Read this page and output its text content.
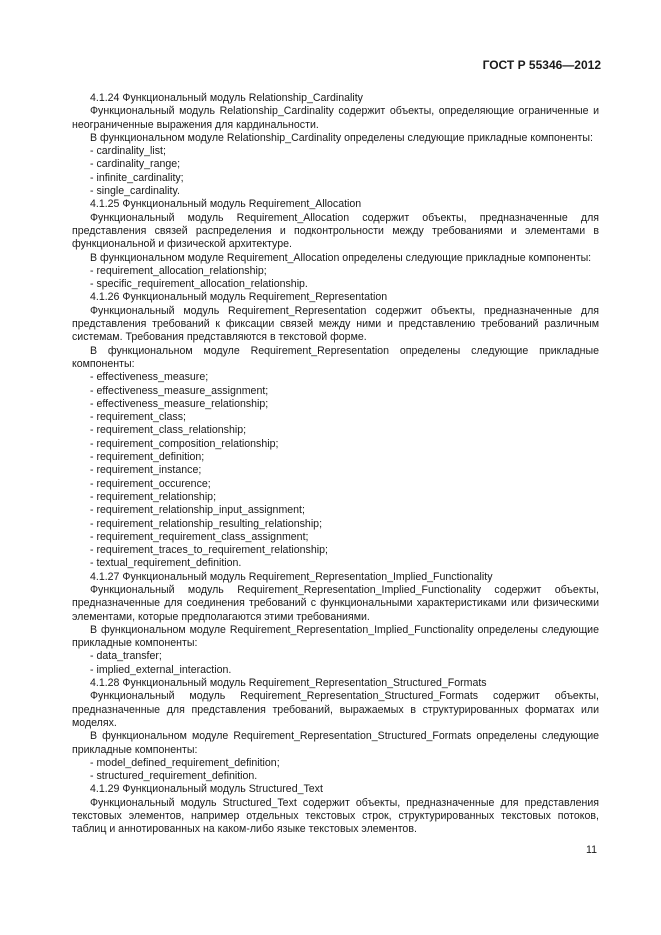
ГОСТ Р 55346—2012

4.1.24 Функциональный модуль Relationship_Cardinality

Функциональный модуль Relationship_Cardinality содержит объекты, определяющие ограниченные и неограниченные выражения для кардинальности.

В функциональном модуле Relationship_Cardinality определены следующие прикладные компоненты:

- cardinality_list;

- cardinality_range;

- infinite_cardinality;

- single_cardinality.

4.1.25 Функциональный модуль Requirement_Allocation

Функциональный модуль Requirement_Allocation содержит объекты, предназначенные для представления связей распределения и подконтрольности между требованиями и элементами в функциональной и физической архитектуре.

В функциональном модуле Requirement_Allocation определены следующие прикладные компоненты:

- requirement_allocation_relationship;

- specific_requirement_allocation_relationship.

4.1.26 Функциональный модуль Requirement_Representation

Функциональный модуль Requirement_Representation содержит объекты, предназначенные для представления требований к фиксации связей между ними и представлению требований различным системам. Требования представляются в текстовой форме.

В функциональном модуле Requirement_Representation определены следующие прикладные компоненты:

- effectiveness_measure;

- effectiveness_measure_assignment;

- effectiveness_measure_relationship;

- requirement_class;

- requirement_class_relationship;

- requirement_composition_relationship;

- requirement_definition;

- requirement_instance;

- requirement_occurence;

- requirement_relationship;

- requirement_relationship_input_assignment;

- requirement_relationship_resulting_relationship;

- requirement_requirement_class_assignment;

- requirement_traces_to_requirement_relationship;

- textual_requirement_definition.

4.1.27 Функциональный модуль Requirement_Representation_Implied_Functionality

Функциональный модуль Requirement_Representation_Implied_Functionality содержит объекты, предназначенные для соединения требований с функциональными характеристиками или физическими элементами, которые предполагаются этими требованиями.

В функциональном модуле Requirement_Representation_Implied_Functionality определены следующие прикладные компоненты:

- data_transfer;

- implied_external_interaction.

4.1.28 Функциональный модуль Requirement_Representation_Structured_Formats

Функциональный модуль Requirement_Representation_Structured_Formats содержит объекты, предназначенные для представления требований, выражаемых в структурированных форматах или моделях.

В функциональном модуле Requirement_Representation_Structured_Formats определены следующие прикладные компоненты:

- model_defined_requirement_definition;

- structured_requirement_definition.

4.1.29 Функциональный модуль Structured_Text

Функциональный модуль Structured_Text содержит объекты, предназначенные для представления текстовых элементов, например отдельных текстовых строк, структурированных текстовых потоков, таблиц и аннотированных на каком-либо языке текстовых элементов.

11
